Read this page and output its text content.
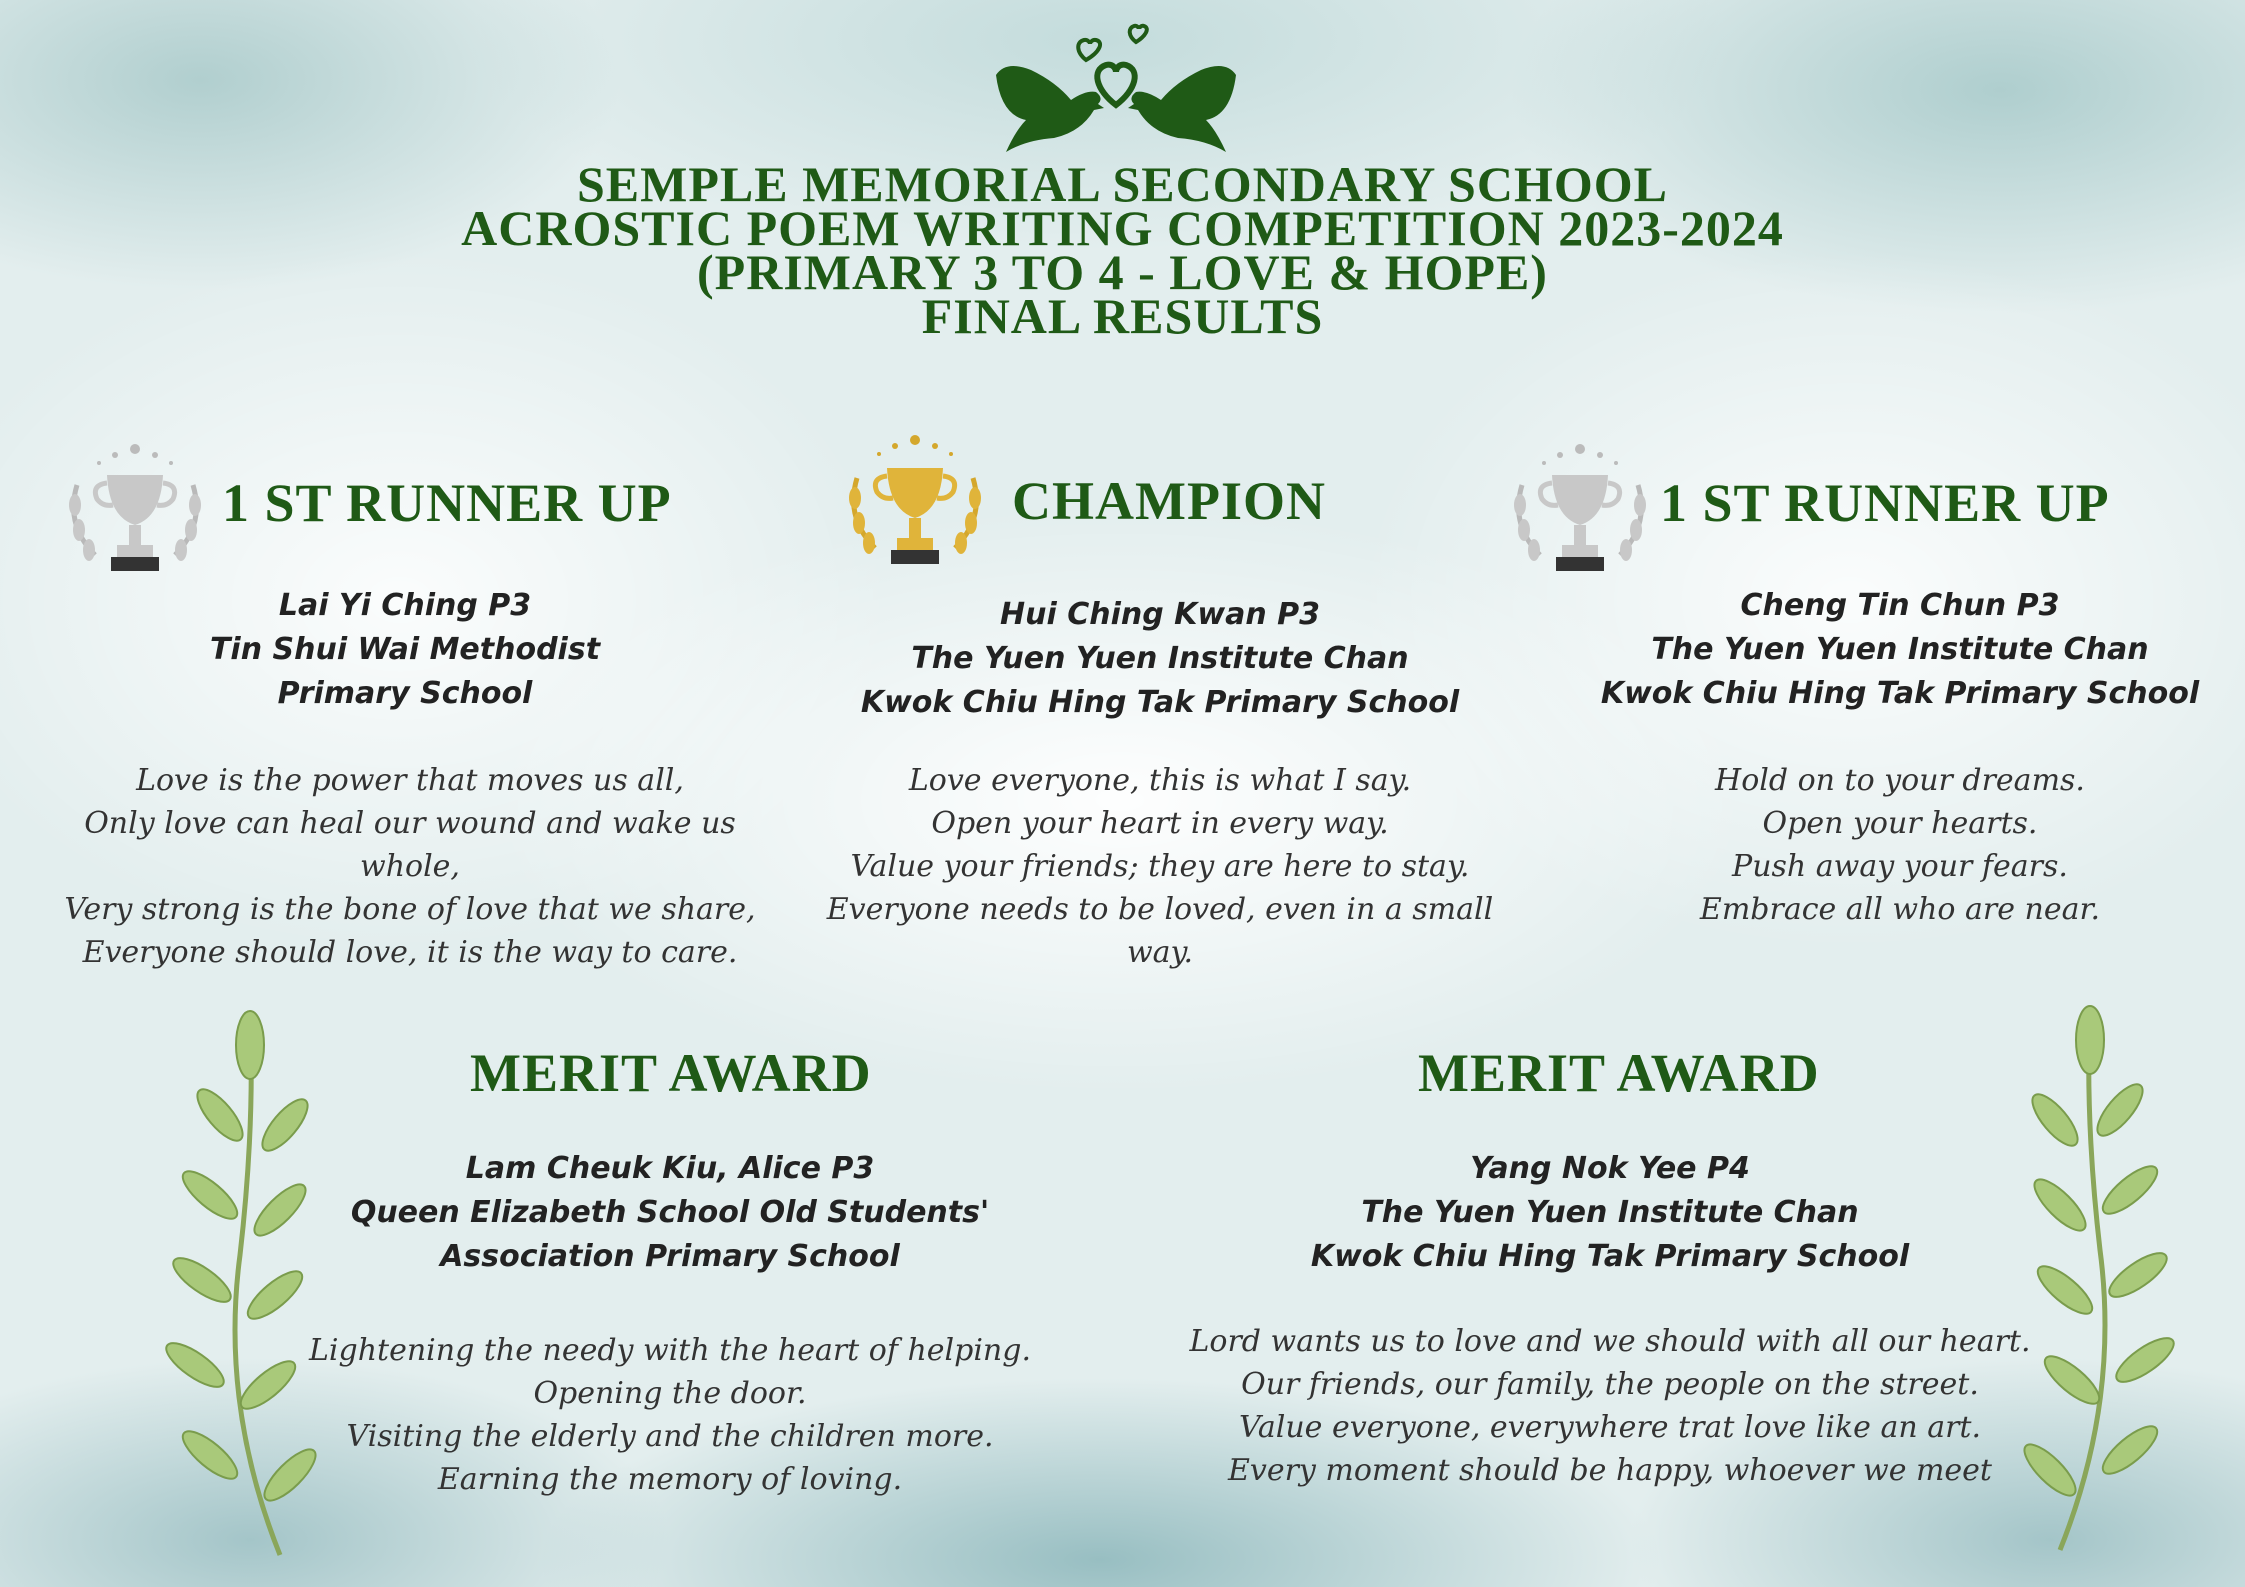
SEMPLE MEMORIAL SECONDARY SCHOOL
ACROSTIC POEM WRITING COMPETITION 2023-2024
(PRIMARY 3 TO 4 - LOVE & HOPE)
FINAL RESULTS
1 ST RUNNER UP
Lai Yi Ching P3
Tin Shui Wai Methodist
Primary School
Love is the power that moves us all,
Only love can heal our wound and wake us whole,
Very strong is the bone of love that we share,
Everyone should love, it is the way to care.
CHAMPION
Hui Ching Kwan P3
The Yuen Yuen Institute Chan
Kwok Chiu Hing Tak Primary School
Love everyone, this is what I say.
Open your heart in every way.
Value your friends; they are here to stay.
Everyone needs to be loved, even in a small way.
1 ST RUNNER UP
Cheng Tin Chun P3
The Yuen Yuen Institute Chan
Kwok Chiu Hing Tak Primary School
Hold on to your dreams.
Open your hearts.
Push away your fears.
Embrace all who are near.
MERIT AWARD
Lam Cheuk Kiu, Alice P3
Queen Elizabeth School Old Students'
Association Primary School
Lightening the needy with the heart of helping.
Opening the door.
Visiting the elderly and the children more.
Earning the memory of loving.
MERIT AWARD
Yang Nok Yee P4
The Yuen Yuen Institute Chan
Kwok Chiu Hing Tak Primary School
Lord wants us to love and we should with all our heart.
Our friends, our family, the people on the street.
Value everyone, everywhere trat love like an art.
Every moment should be happy, whoever we meet
